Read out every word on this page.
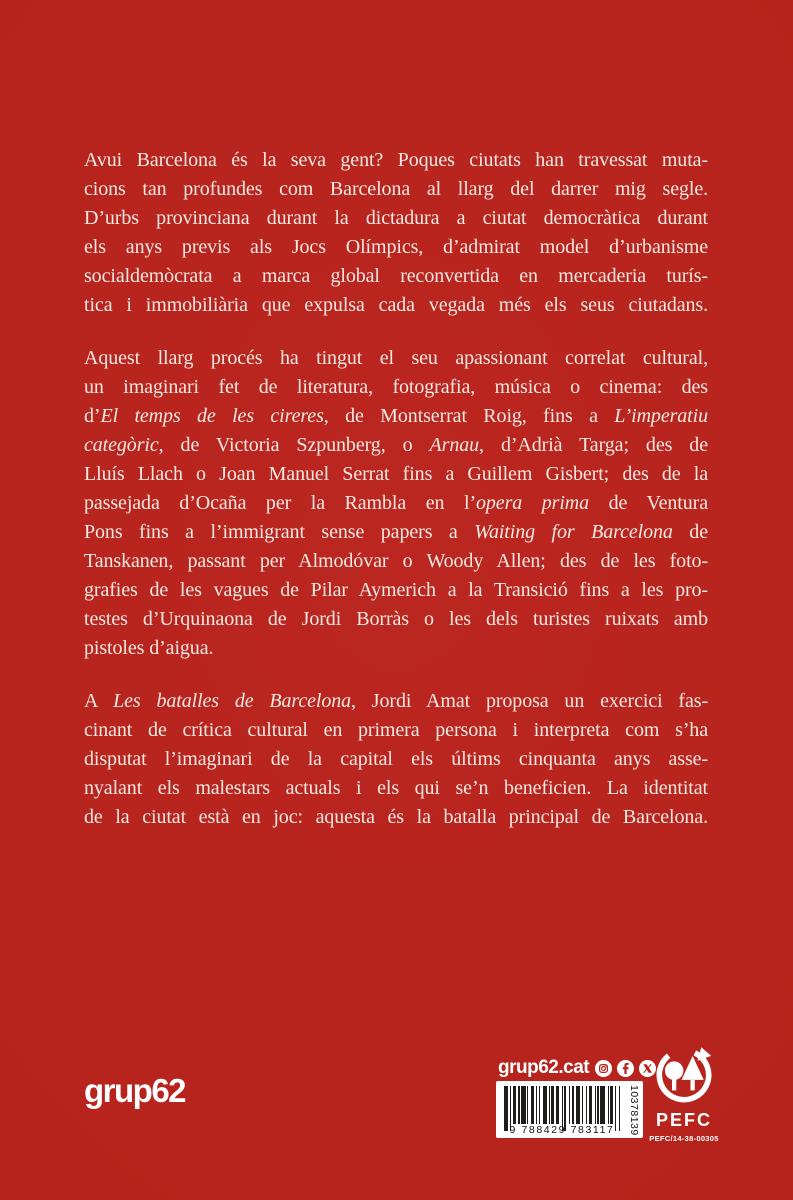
Avui Barcelona és la seva gent? Poques ciutats han travessat muta-
cions tan profundes com Barcelona al llarg del darrer mig segle.
D’urbs provinciana durant la dictadura a ciutat democràtica durant
els anys previs als Jocs Olímpics, d’admirat model d’urbanisme
socialdemòcrata a marca global reconvertida en mercaderia turís-
tica i immobiliària que expulsa cada vegada més els seus ciutadans.
Aquest llarg procés ha tingut el seu apassionant correlat cultural,
un imaginari fet de literatura, fotografia, música o cinema: des
d’El temps de les cireres, de Montserrat Roig, fins a L’imperatiu
categòric, de Victoria Szpunberg, o Arnau, d’Adrià Targa; des de
Lluís Llach o Joan Manuel Serrat fins a Guillem Gisbert; des de la
passejada d’Ocaña per la Rambla en l’opera prima de Ventura
Pons fins a l’immigrant sense papers a Waiting for Barcelona de
Tanskanen, passant per Almodóvar o Woody Allen; des de les foto-
grafies de les vagues de Pilar Aymerich a la Transició fins a les pro-
testes d’Urquinaona de Jordi Borràs o les dels turistes ruixats amb
pistoles d’aigua.
A Les batalles de Barcelona, Jordi Amat proposa un exercici fas-
cinant de crítica cultural en primera persona i interpreta com s’ha
disputat l’imaginari de la capital els últims cinquanta anys asse-
nyalant els malestars actuals i els qui se’n beneficien. La identitat
de la ciutat està en joc: aquesta és la batalla principal de Barcelona.
grup62
grup62.cat
9 788429 783117	10378139 PEFC
PEFC/14-38-00305
